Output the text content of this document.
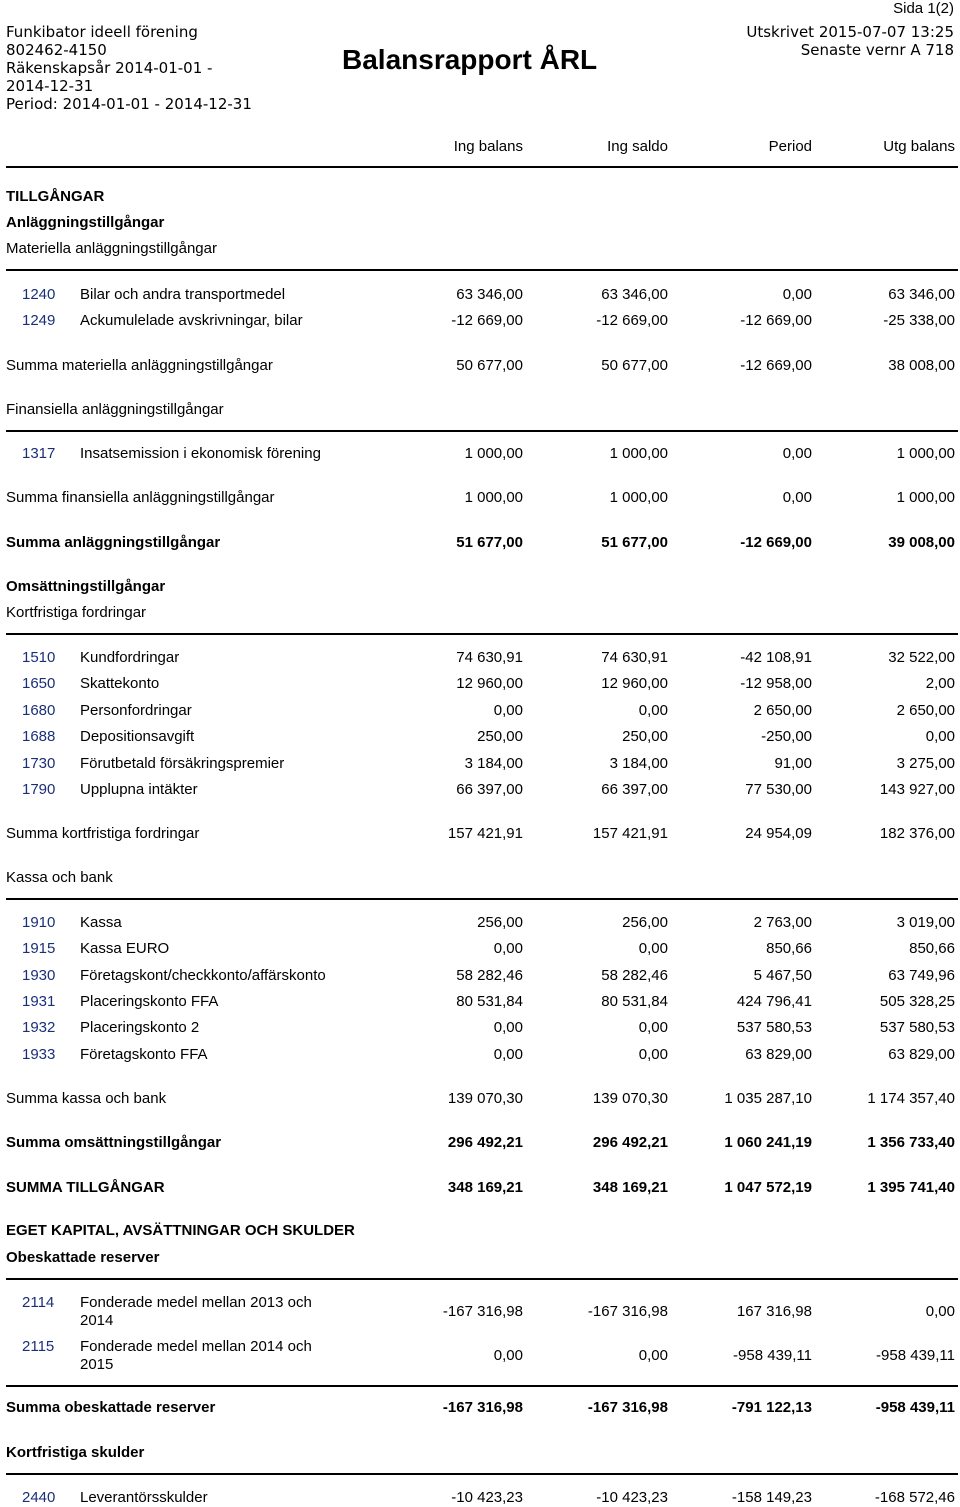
Sida 1(2)
Funkibator ideell förening
802462-4150
Räkenskapsår 2014-01-01 -
2014-12-31
Period: 2014-01-01 - 2014-12-31
Balansrapport ÅRL
Utskrivet 2015-07-07 13:25
Senaste vernr A 718
Ing balans	Ing saldo	Period	Utg balans
TILLGÅNGAR
Anläggningstillgångar
Materiella anläggningstillgångar
1240 Bilar och andra transportmedel	63 346,00	63 346,00	0,00	63 346,00
1249 Ackumulelade avskrivningar, bilar	-12 669,00	-12 669,00	-12 669,00	-25 338,00
Summa materiella anläggningstillgångar	50 677,00	50 677,00	-12 669,00	38 008,00
Finansiella anläggningstillgångar
1317 Insatsemission i ekonomisk förening	1 000,00	1 000,00	0,00	1 000,00
Summa finansiella anläggningstillgångar	1 000,00	1 000,00	0,00	1 000,00
Summa anläggningstillgångar	51 677,00	51 677,00	-12 669,00	39 008,00
Omsättningstillgångar
Kortfristiga fordringar
1510 Kundfordringar	74 630,91	74 630,91	-42 108,91	32 522,00
1650 Skattekonto	12 960,00	12 960,00	-12 958,00	2,00
1680 Personfordringar	0,00	0,00	2 650,00	2 650,00
1688 Depositionsavgift	250,00	250,00	-250,00	0,00
1730 Förutbetald försäkringspremier	3 184,00	3 184,00	91,00	3 275,00
1790 Upplupna intäkter	66 397,00	66 397,00	77 530,00	143 927,00
Summa kortfristiga fordringar	157 421,91	157 421,91	24 954,09	182 376,00
Kassa och bank
1910 Kassa	256,00	256,00	2 763,00	3 019,00
1915 Kassa EURO	0,00	0,00	850,66	850,66
1930 Företagskont/checkkonto/affärskonto	58 282,46	58 282,46	5 467,50	63 749,96
1931 Placeringskonto FFA	80 531,84	80 531,84	424 796,41	505 328,25
1932 Placeringskonto 2	0,00	0,00	537 580,53	537 580,53
1933 Företagskonto FFA	0,00	0,00	63 829,00	63 829,00
Summa kassa och bank	139 070,30	139 070,30	1 035 287,10	1 174 357,40
Summa omsättningstillgångar	296 492,21	296 492,21	1 060 241,19	1 356 733,40
SUMMA TILLGÅNGAR	348 169,21	348 169,21	1 047 572,19	1 395 741,40
EGET KAPITAL, AVSÄTTNINGAR OCH SKULDER
Obeskattade reserver
2114 Fonderade medel mellan 2013 och
2014
-167 316,98	-167 316,98	167 316,98	0,00
2115 Fonderade medel mellan 2014 och
2015
0,00	0,00	-958 439,11	-958 439,11
Summa obeskattade reserver	-167 316,98	-167 316,98	-791 122,13	-958 439,11
Kortfristiga skulder
2440 Leverantörsskulder	-10 423,23	-10 423,23	-158 149,23	-168 572,46
